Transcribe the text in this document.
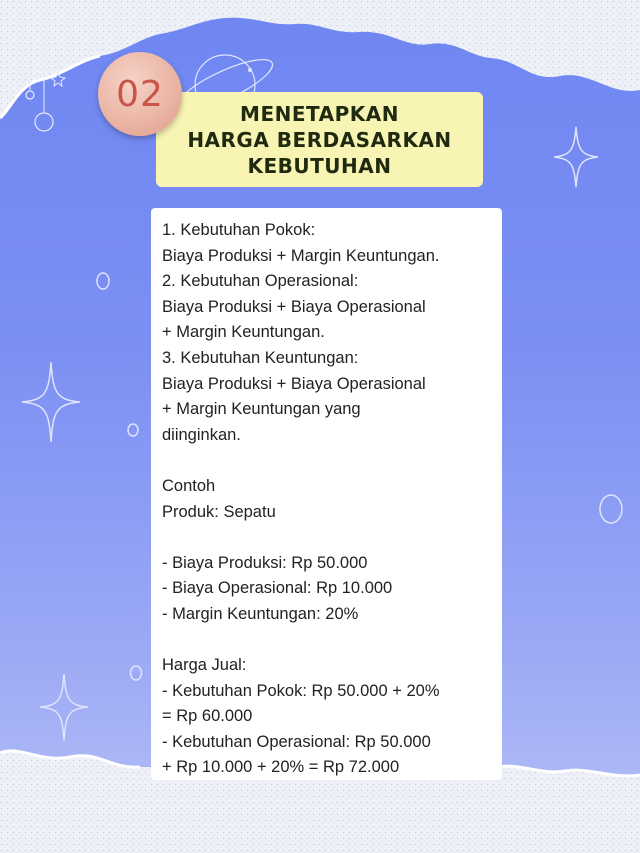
MENETAPKAN
HARGA BERDASARKAN
KEBUTUHAN
02
1. Kebutuhan Pokok:
Biaya Produksi + Margin Keuntungan.
2. Kebutuhan Operasional:
Biaya Produksi + Biaya Operasional
+ Margin Keuntungan.
3. Kebutuhan Keuntungan:
Biaya Produksi + Biaya Operasional
+ Margin Keuntungan yang
diinginkan.
Contoh
Produk: Sepatu
- Biaya Produksi: Rp 50.000
- Biaya Operasional: Rp 10.000
- Margin Keuntungan: 20%
Harga Jual:
- Kebutuhan Pokok: Rp 50.000 + 20%
= Rp 60.000
- Kebutuhan Operasional: Rp 50.000
+ Rp 10.000 + 20% = Rp 72.000
